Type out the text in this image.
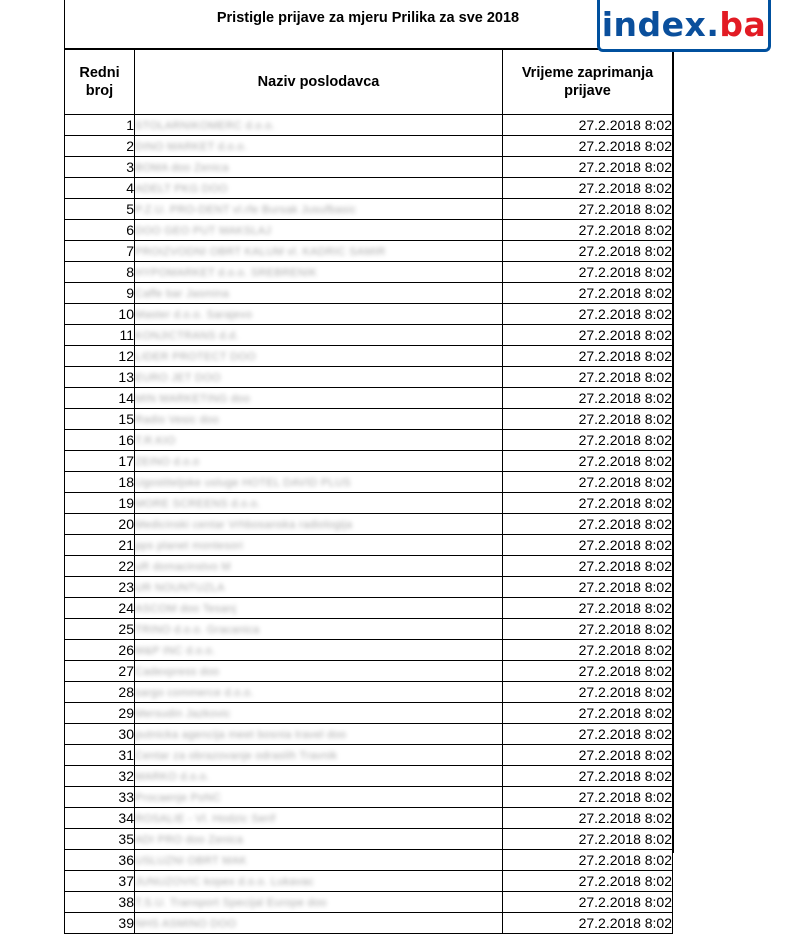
Pristigle prijave za mjeru Prilika za sve 2018
Redni broj	Naziv poslodavca	Vrijeme zaprimanja prijave
1	STOLARNIKOMERC d.o.o.	27.2.2018 8:02
2	DINO MARKET d.o.o.	27.2.2018 8:02
3	BOMA doo Zenica	27.2.2018 8:02
4	ADELT PKG DOO	27.2.2018 8:02
5	P.Z.U. PRO-DENT vl.rfe Bursak Jusufbasic	27.2.2018 8:02
6	DOO GEO PUT MAKSLAJ	27.2.2018 8:02
7	PROIZVODNI OBRT KALUM vl. KADRIC SAMIR	27.2.2018 8:02
8	HYPOMARKET d.o.o. SREBRENIK	27.2.2018 8:02
9	Caffe bar Jasmina	27.2.2018 8:02
10	Master d.o.o. Sarajevo	27.2.2018 8:02
11	KONJICTRANS d.d.	27.2.2018 8:02
12	LIDER PROTECT DOO	27.2.2018 8:02
13	EURO JET DOO	27.2.2018 8:02
14	MIN MARKETING doo	27.2.2018 8:02
15	Radio Vesic doo	27.2.2018 8:02
16	T.R.KIO	27.2.2018 8:02
17	ZEINO d.o.o	27.2.2018 8:02
18	Ugostiteljske usluge HOTEL DAVID PLUS	27.2.2018 8:02
19	MORE SCREENS d.o.o.	27.2.2018 8:02
20	Medicinski centar Vrhbosanska radiologija	27.2.2018 8:02
21	pps planet montesori	27.2.2018 8:02
22	uR domacinstvo M	27.2.2018 8:02
23	UR NOUNTUZLA	27.2.2018 8:02
24	ASCOM doo Tesanj	27.2.2018 8:02
25	TRINO d.o.o. Gracanica	27.2.2018 8:02
26	M&P INC d.o.o.	27.2.2018 8:02
27	Cadexpress doo	27.2.2018 8:02
28	sargo commerce d.o.o.	27.2.2018 8:02
29	Mersudin Jazkovic	27.2.2018 8:02
30	putnicka agencija meet bosnia travel doo	27.2.2018 8:02
31	Centar za obrazovanje odraslih Travnik	27.2.2018 8:02
32	MARKO d.o.o.	27.2.2018 8:02
33	Procaenje PoNC	27.2.2018 8:02
34	ROSALIE - Vl. Hodzic Serif	27.2.2018 8:02
35	ADI PRO doo Zenica	27.2.2018 8:02
36	USLUZNI OBRT MAK	27.2.2018 8:02
37	JUNUZOVIC kopex d.o.o. Lukavac	27.2.2018 8:02
38	T.S.U. Transport Specijal Europe doo	27.2.2018 8:02
39	NHS ASMINO DOO	27.2.2018 8:02
index. ba
